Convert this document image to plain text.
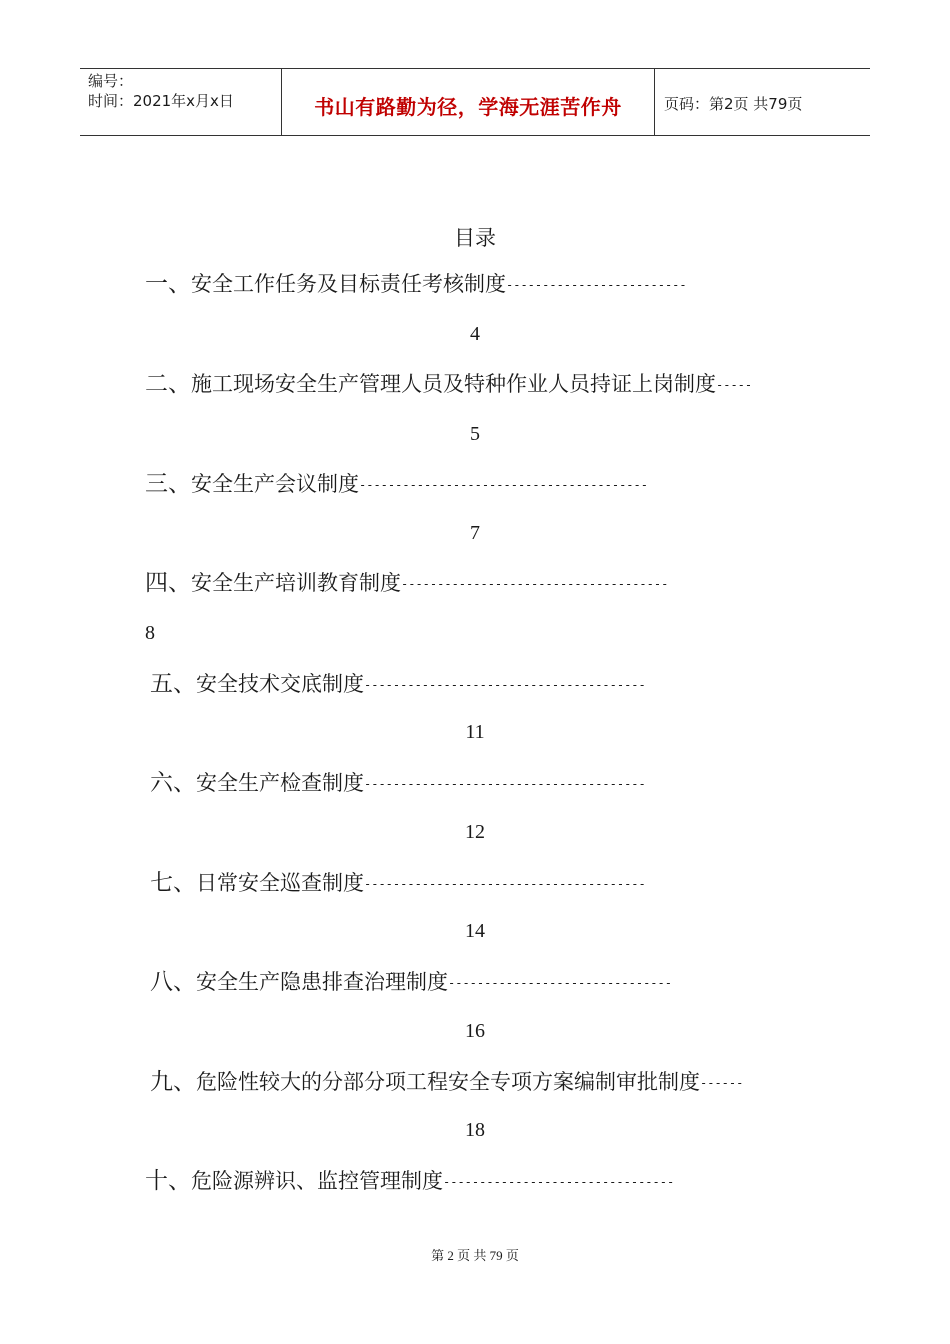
编号：
时间：2021年x月x日	书山有路勤为径，学海无涯苦作舟	页码：第2页 共79页
目录
一、安全工作任务及目标责任考核制度-------------------------
4
二、施工现场安全生产管理人员及特种作业人员持证上岗制度-----
5
三、安全生产会议制度----------------------------------------
7
四、安全生产培训教育制度-------------------------------------
8
五、安全技术交底制度---------------------------------------
11
六、安全生产检查制度---------------------------------------
12
七、日常安全巡查制度---------------------------------------
14
八、安全生产隐患排查治理制度-------------------------------
16
九、危险性较大的分部分项工程安全专项方案编制审批制度------
18
十、危险源辨识、监控管理制度--------------------------------
第 2 页 共 79 页
